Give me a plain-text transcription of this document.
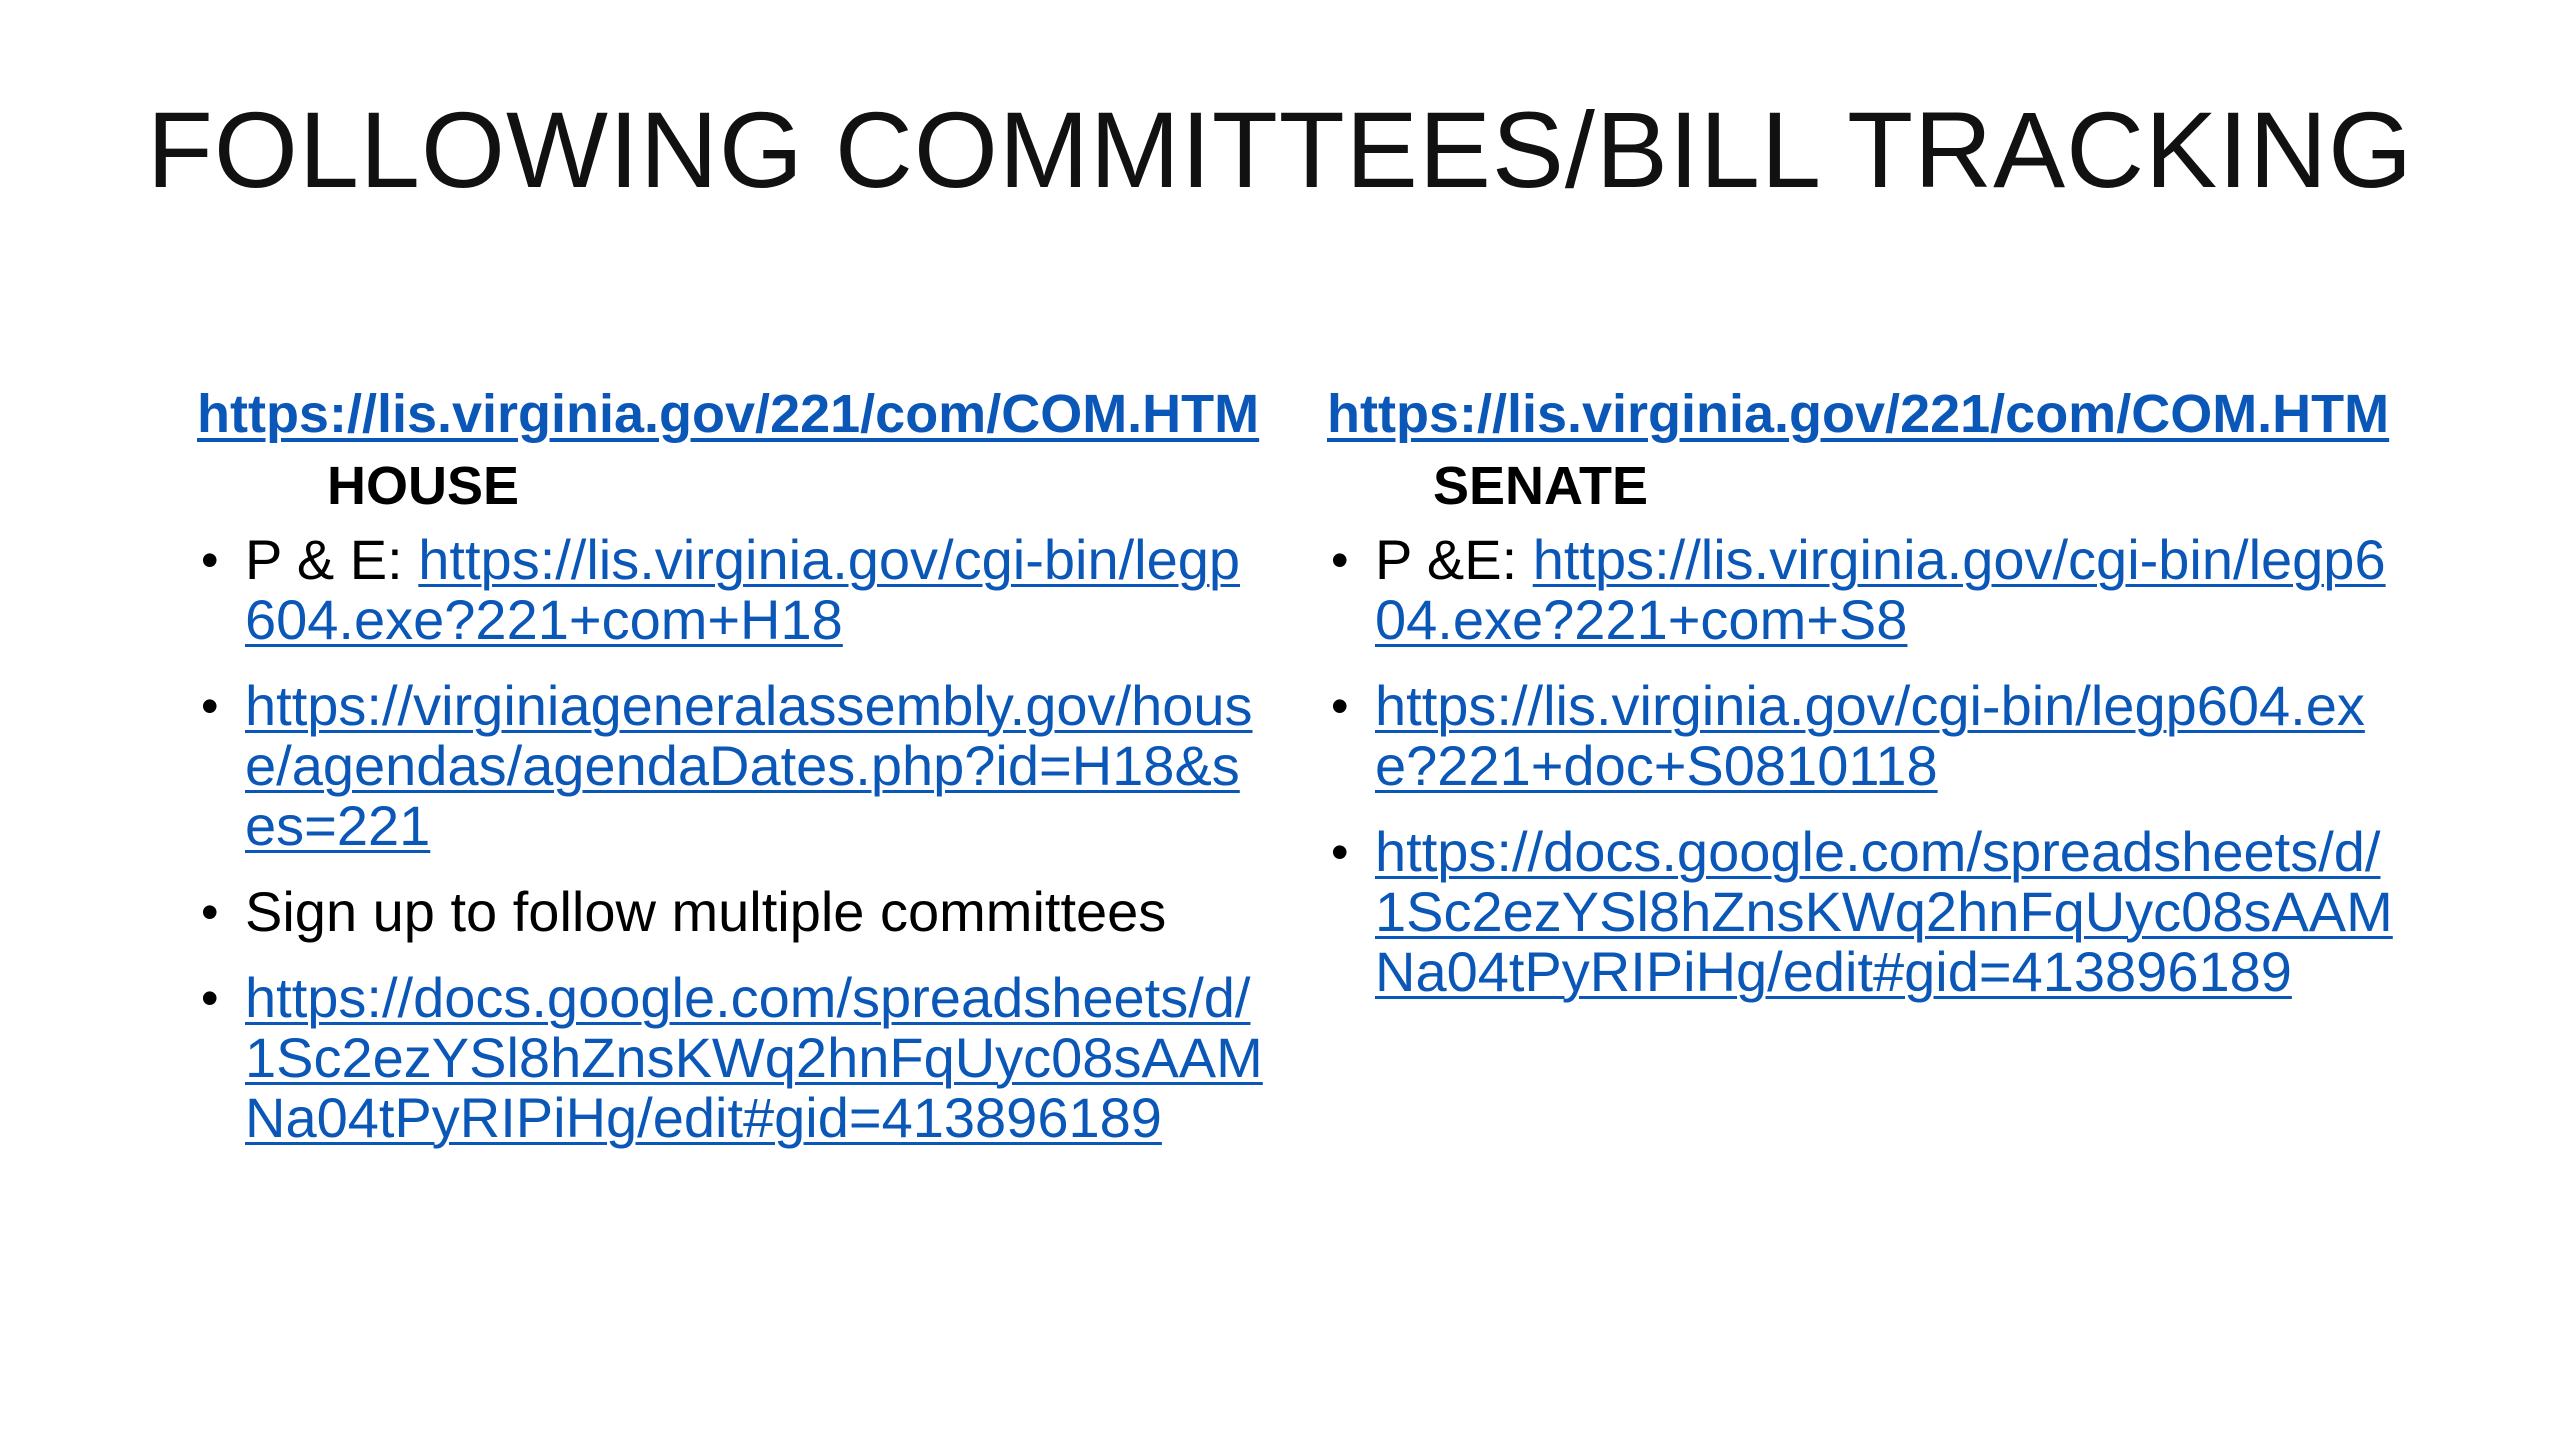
FOLLOWING COMMITTEES/BILL TRACKING
https://lis.virginia.gov/221/com/COM.HTMHOUSE
• P & E: https://lis.virginia.gov/cgi-bin/legp604.exe?221+com+H18
• https://virginiageneralassembly.gov/house/agendas/agendaDates.php?id=H18&ses=221
• Sign up to follow multiple committees
• https://docs.google.com/spreadsheets/d/1Sc2ezYSl8hZnsKWq2hnFqUyc08sAAMNa04tPyRIPiHg/edit#gid=413896189
https://lis.virginia.gov/221/com/COM.HTMSENATE
• P &E: https://lis.virginia.gov/cgi-bin/legp604.exe?221+com+S8
• https://lis.virginia.gov/cgi-bin/legp604.exe?221+doc+S0810118
• https://docs.google.com/spreadsheets/d/1Sc2ezYSl8hZnsKWq2hnFqUyc08sAAMNa04tPyRIPiHg/edit#gid=413896189
